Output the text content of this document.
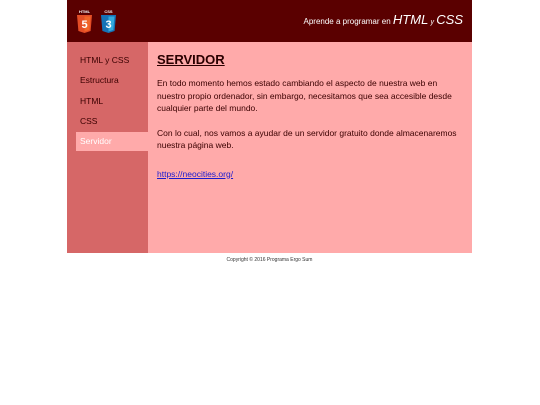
HTML
5
CSS
3	Aprende a programar en HTML y CSS
HTML y CSS
Estructura
HTML
CSS
Servidor
SERVIDOR

En todo momento hemos estado cambiando el aspecto de nuestra web en nuestro propio ordenador, sin embargo, necesitamos que sea accesible desde cualquier parte del mundo.

Con lo cual, nos vamos a ayudar de un servidor gratuito donde almacenaremos nuestra página web.

https://neocities.org/
Copyright © 2016 Programa Ergo Sum
